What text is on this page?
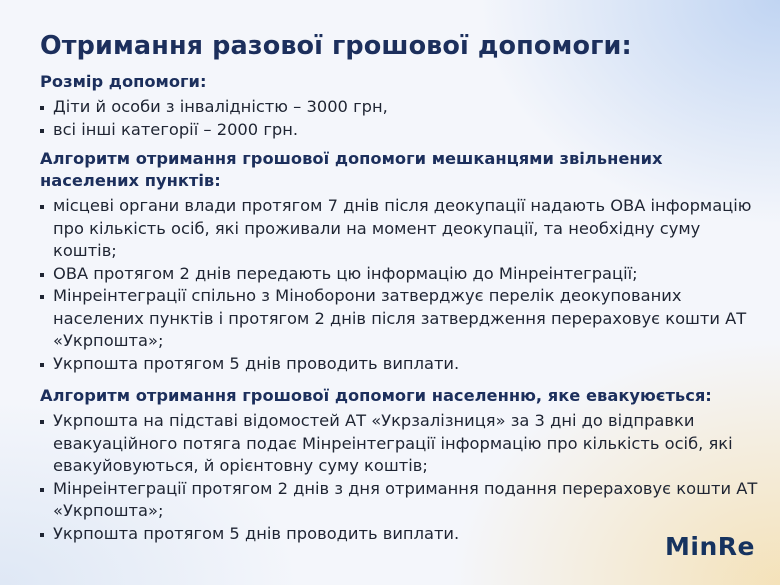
Отримання разової грошової допомоги:
Розмір допомоги:
Діти й особи з інвалідністю – 3000 грн,
всі інші категорії – 2000 грн.
Алгоритм отримання грошової допомоги мешканцями звільнених населених пунктів:
місцеві органи влади протягом 7 днів після деокупації надають ОВА інформацію про кількість осіб, які проживали на момент деокупації, та необхідну суму коштів;
ОВА протягом 2 днів передають цю інформацію до Мінреінтеграції;
Мінреінтеграції спільно з Міноборони затверджує перелік деокупованих населених пунктів і протягом 2 днів після затвердження перераховує кошти АТ «Укрпошта»;
Укрпошта протягом 5 днів проводить виплати.
Алгоритм отримання грошової допомоги населенню, яке евакуюється:
Укрпошта на підставі відомостей АТ «Укрзалізниця» за 3 дні до відправки евакуаційного потяга подає Мінреінтеграції інформацію про кількість осіб, які евакуйовуються, й орієнтовну суму коштів;
Мінреінтеграції протягом 2 днів з дня отримання подання перераховує кошти АТ «Укрпошта»;
Укрпошта протягом 5 днів проводить виплати.	MinRe
